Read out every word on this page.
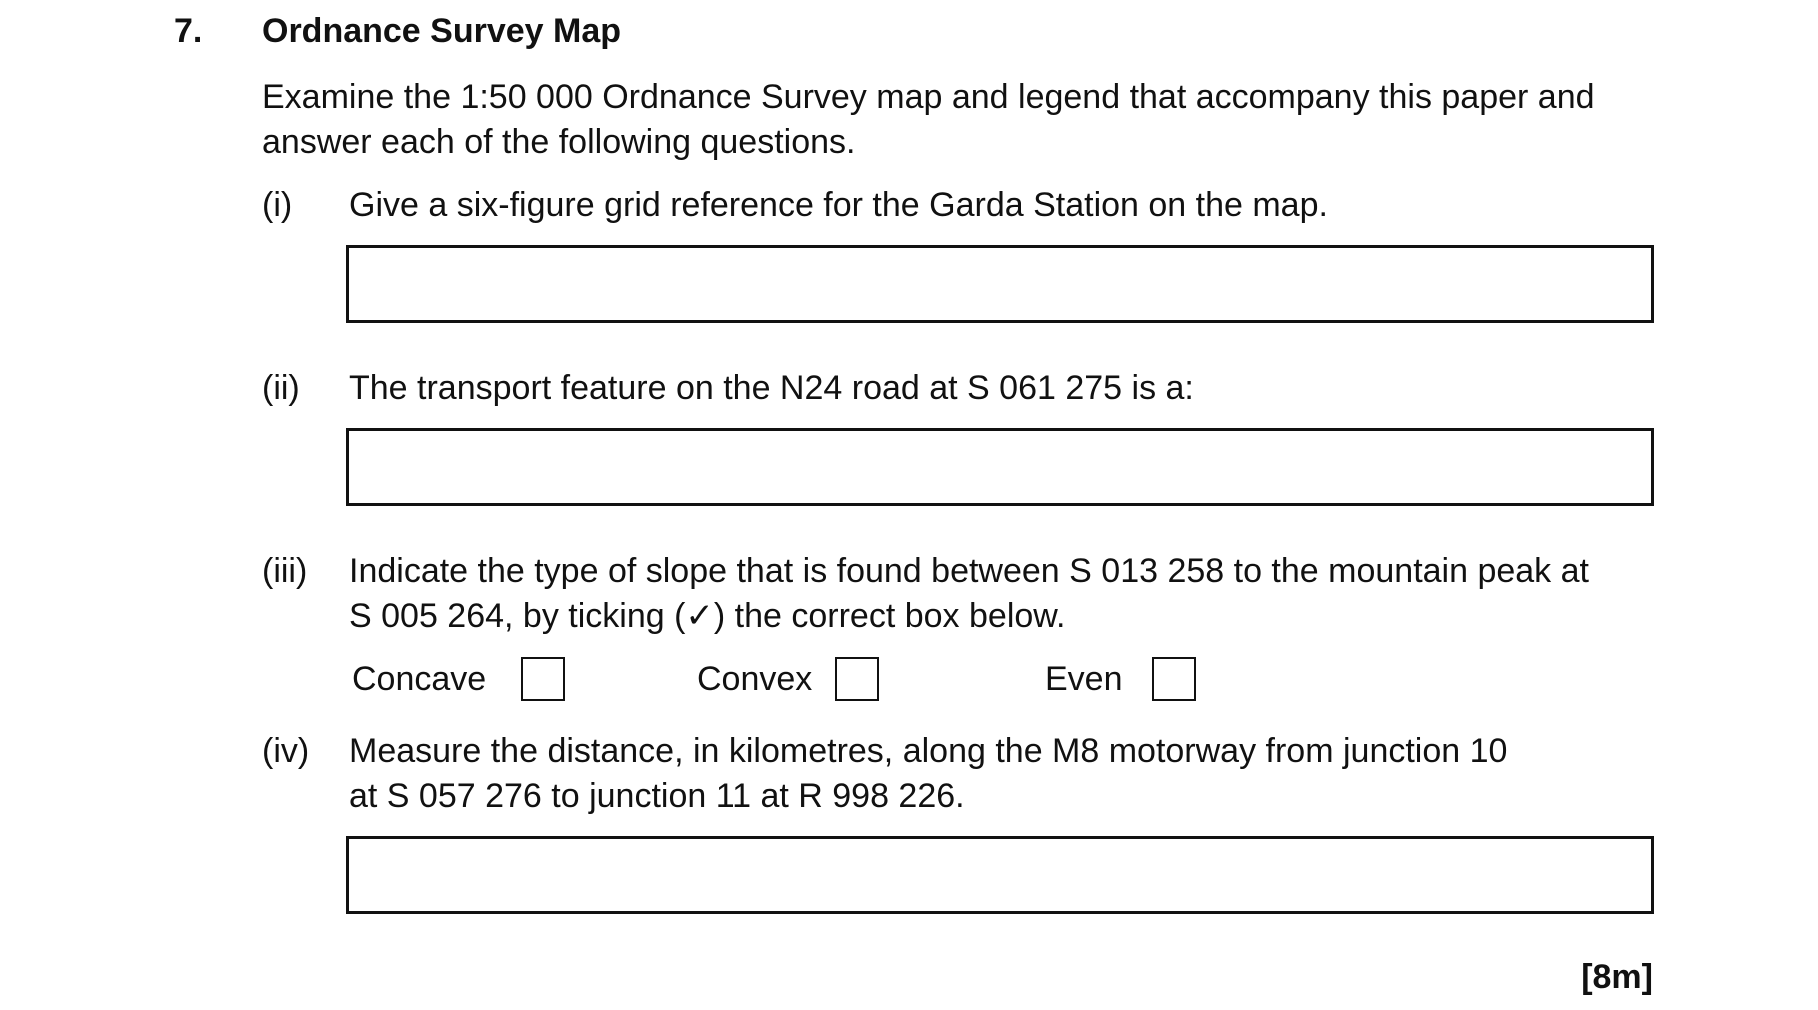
7. Ordnance Survey Map
Examine the 1:50 000 Ordnance Survey map and legend that accompany this paper and
answer each of the following questions.
(i) Give a six-figure grid reference for the Garda Station on the map.
(ii) The transport feature on the N24 road at S 061 275 is a:
(iii) Indicate the type of slope that is found between S 013 258 to the mountain peak at
S 005 264, by ticking (✓) the correct box below.
Concave	Convex	Even
(iv) Measure the distance, in kilometres, along the M8 motorway from junction 10
at S 057 276 to junction 11 at R 998 226.
[8m]
